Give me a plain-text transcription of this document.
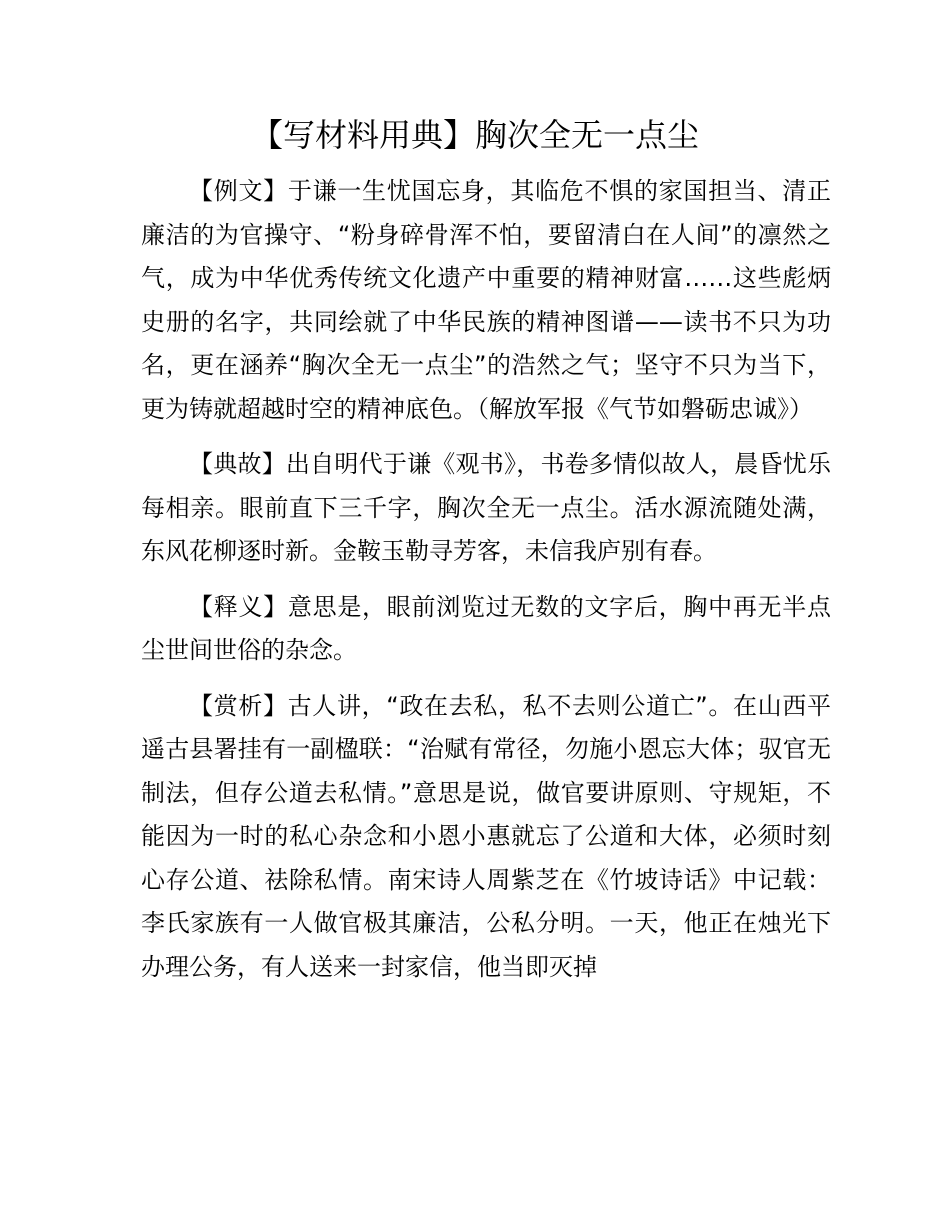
【写材料用典】胸次全无一点尘

【例文】于谦一生忧国忘身，其临危不惧的家国担当、清正廉洁的为官操守、“粉身碎骨浑不怕，要留清白在人间”的凛然之气，成为中华优秀传统文化遗产中重要的精神财富……这些彪炳史册的名字，共同绘就了中华民族的精神图谱——读书不只为功名，更在涵养“胸次全无一点尘”的浩然之气；坚守不只为当下，更为铸就超越时空的精神底色。（解放军报《气节如磐砺忠诚》）

【典故】出自明代于谦《观书》，书卷多情似故人，晨昏忧乐每相亲。眼前直下三千字，胸次全无一点尘。活水源流随处满，东风花柳逐时新。金鞍玉勒寻芳客，未信我庐别有春。

【释义】意思是，眼前浏览过无数的文字后，胸中再无半点尘世间世俗的杂念。

【赏析】古人讲，“政在去私，私不去则公道亡”。在山西平遥古县署挂有一副楹联：“治赋有常径，勿施小恩忘大体；驭官无制法，但存公道去私情。”意思是说，做官要讲原则、守规矩，不能因为一时的私心杂念和小恩小惠就忘了公道和大体，必须时刻心存公道、祛除私情。南宋诗人周紫芝在《竹坡诗话》中记载：李氏家族有一人做官极其廉洁，公私分明。一天，他正在烛光下办理公务，有人送来一封家信，他当即灭掉
